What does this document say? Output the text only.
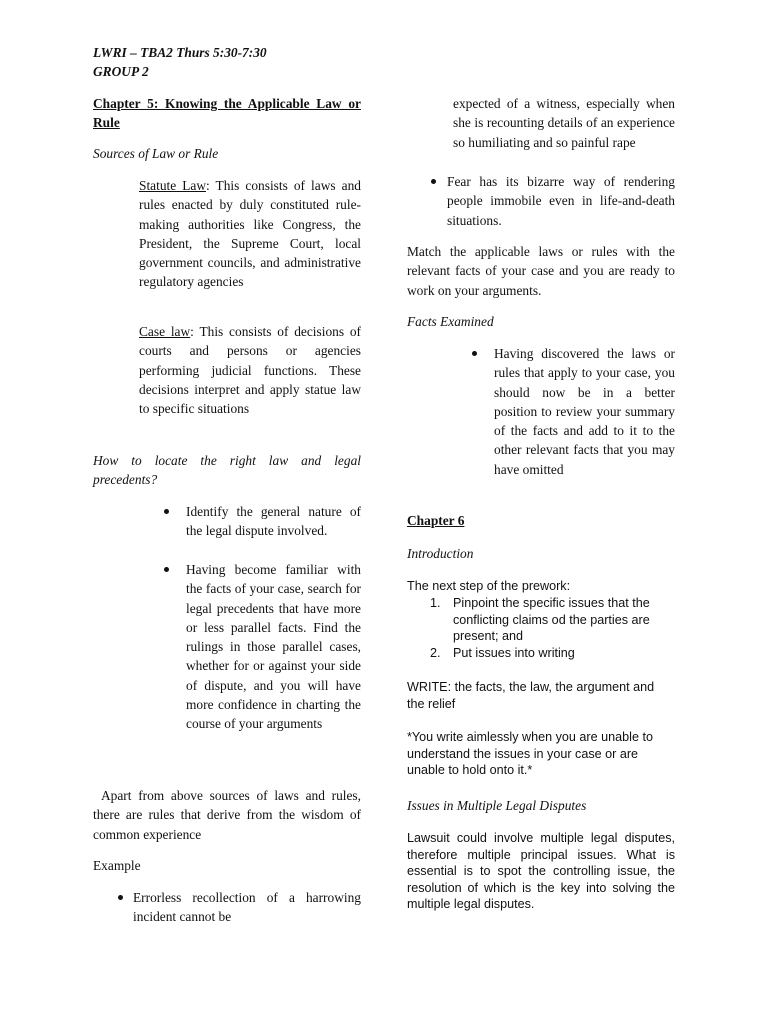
LWRI – TBA2 Thurs 5:30-7:30
GROUP 2
Chapter 5: Knowing the Applicable Law or Rule
Sources of Law or Rule
Statute Law: This consists of laws and rules enacted by duly constituted rule-making authorities like Congress, the President, the Supreme Court, local government councils, and administrative regulatory agencies
Case law: This consists of decisions of courts and persons or agencies performing judicial functions. These decisions interpret and apply statue law to specific situations
How to locate the right law and legal precedents?
Identify the general nature of the legal dispute involved.
Having become familiar with the facts of your case, search for legal precedents that have more or less parallel facts. Find the rulings in those parallel cases, whether for or against your side of dispute, and you will have more confidence in charting the course of your arguments
Apart from above sources of laws and rules, there are rules that derive from the wisdom of common experience
Example
Errorless recollection of a harrowing incident cannot be
expected of a witness, especially when she is recounting details of an experience so humiliating and so painful rape
Fear has its bizarre way of rendering people immobile even in life-and-death situations.
Match the applicable laws or rules with the relevant facts of your case and you are ready to work on your arguments.
Facts Examined
Having discovered the laws or rules that apply to your case, you should now be in a better position to review your summary of the facts and add to it to the other relevant facts that you may have omitted
Chapter 6
Introduction
The next step of the prework:
1. Pinpoint the specific issues that the conflicting claims od the parties are present; and
2. Put issues into writing
WRITE: the facts, the law, the argument and the relief
*You write aimlessly when you are unable to understand the issues in your case or are unable to hold onto it.*
Issues in Multiple Legal Disputes
Lawsuit could involve multiple legal disputes, therefore multiple principal issues. What is essential is to spot the controlling issue, the resolution of which is the key into solving the multiple legal disputes.
